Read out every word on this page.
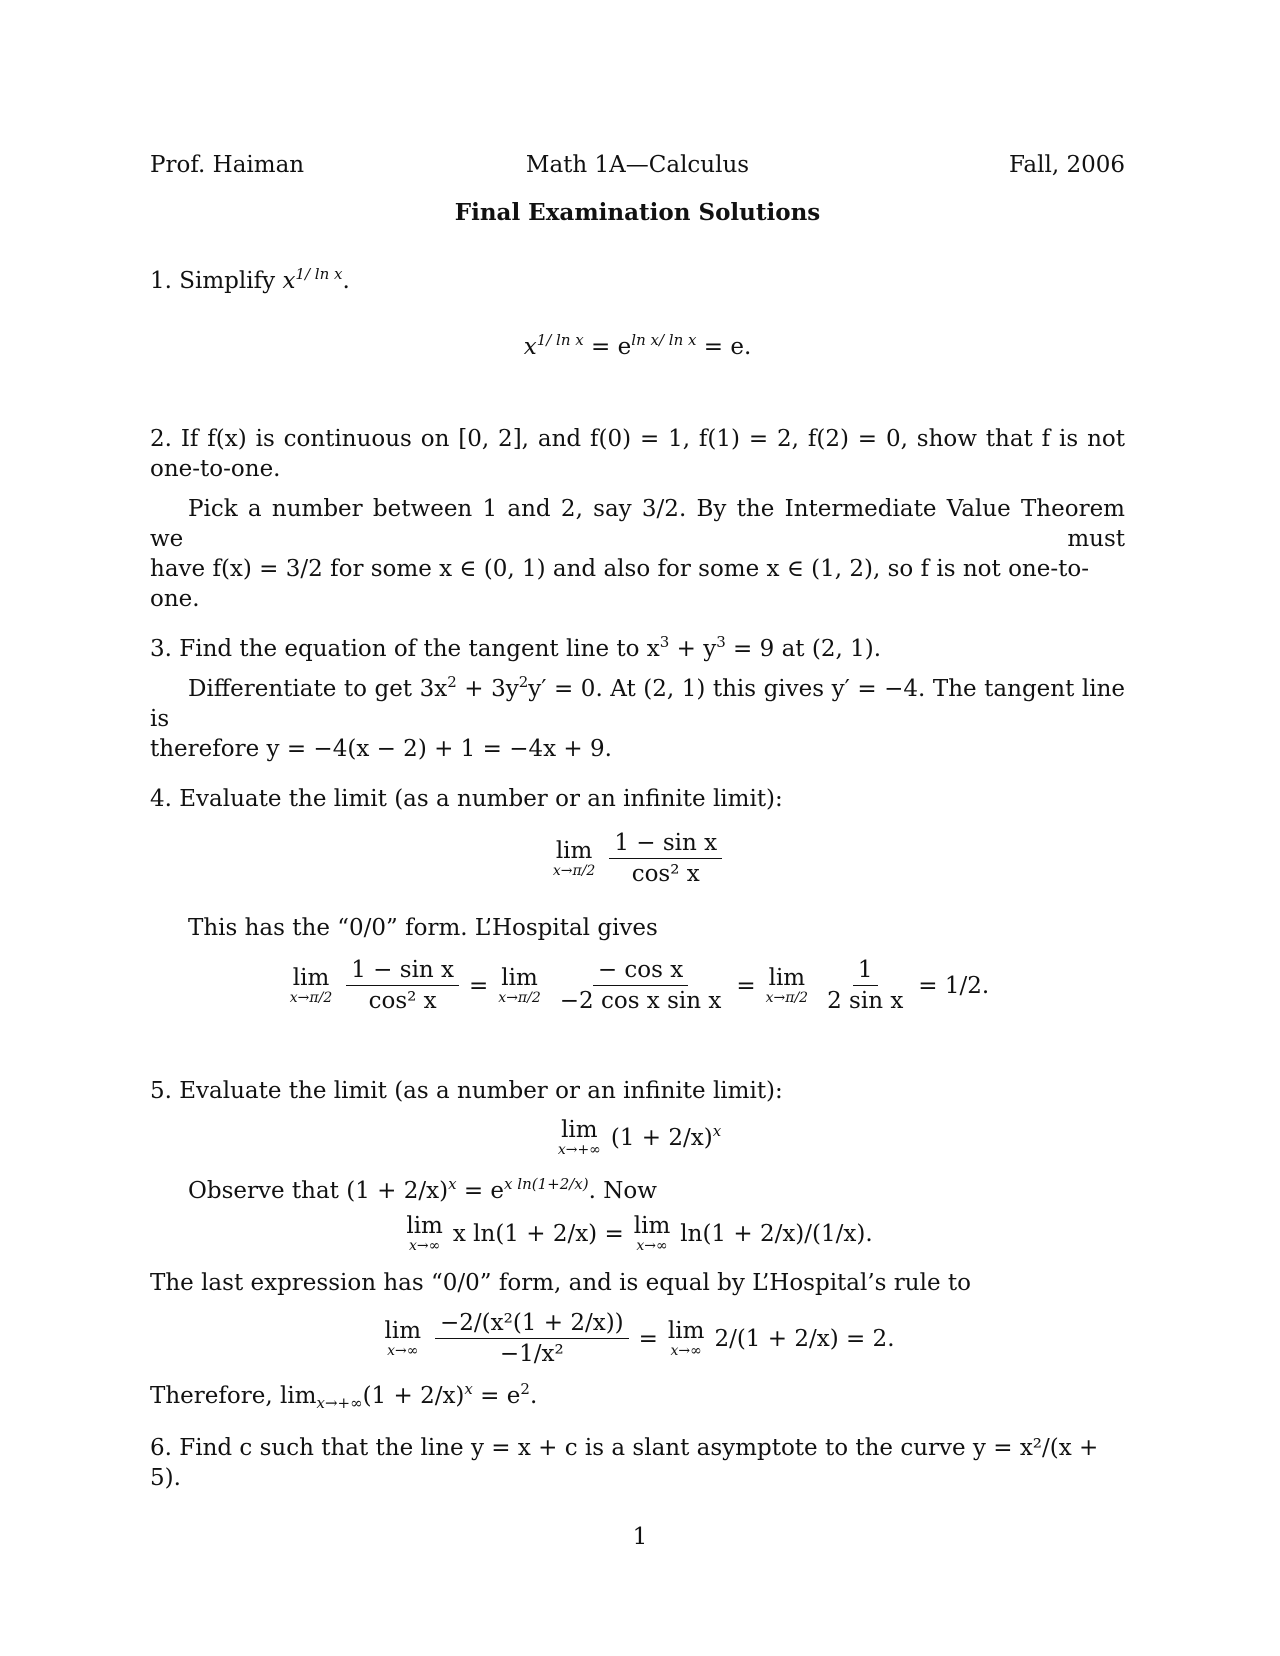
Prof. Haiman	Math 1A—Calculus	Fall, 2006
Final Examination Solutions
1. Simplify $x^{1/ ln x}$.
$x^{1/ ln x} = e^{ln x/ ln x} = e$.
2. If f(x) is continuous on [0, 2], and f(0) = 1, f(1) = 2, f(2) = 0, show that f is not
one-to-one.
Pick a number between 1 and 2, say 3/2. By the Intermediate Value Theorem we must
have f(x) = 3/2 for some x ∈ (0, 1) and also for some x ∈ (1, 2), so f is not one-to-one.
3. Find the equation of the tangent line to $x^3 + y^3 = 9$ at (2, 1).
Differentiate to get $3x^2 + 3y^2y' = 0$. At (2, 1) this gives y′ = −4. The tangent line is
therefore y = −4(x − 2) + 1 = −4x + 9.
4. Evaluate the limit (as a number or an infinite limit):
lim
$x\to\pi/2 \frac{\text{1 − sin x}}{\text{cos² x}}$
This has the “0/0” form. L’Hospital gives
lim
$x\to\pi/2 \frac{\text{1 − sin x}}{\text{cos² x}} = \lim$
$x\to\pi/2 \frac{\text{− cos x}}{\text{−2 cos x sin x}} = \lim$
$x\to\pi/2 \frac{1}{\text{2 sin x}} = 1/2$.
5. Evaluate the limit (as a number or an infinite limit):
lim
x→+∞ $(1 + 2/x)^x$
Observe that $(1 + 2/x)^x = e^{x ln(1+2/x)}$. Now
lim
x→∞ x ln(1 + 2/x) = lim
x→∞ ln(1 + 2/x)/(1/x).
The last expression has “0/0” form, and is equal by L’Hospital’s rule to
lim
$x\to\infty \frac{\text{−2/(x²(1 + 2/x))}}{\text{−1/x²}} = \lim$
x→∞ 2/(1 + 2/x) = 2.
Therefore, $\lim_{x\to+\infty}(1 + 2/x)^x = e^2$.
6. Find c such that the line y = x + c is a slant asymptote to the curve y = x²/(x + 5).
1
